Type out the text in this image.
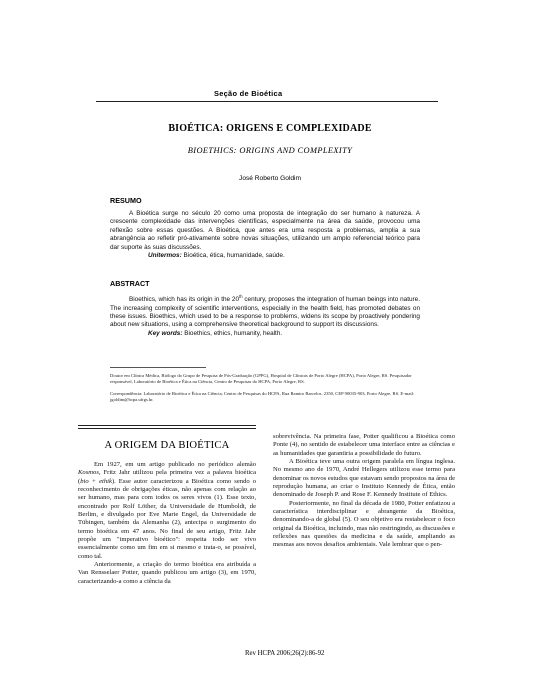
Seção de Bioética
BIOÉTICA: ORIGENS E COMPLEXIDADE
BIOETHICS: ORIGINS AND COMPLEXITY
José Roberto Goldim
RESUMO

A Bioética surge no século 20 como uma proposta de integração do ser humano à natureza. A crescente complexidade das intervenções científicas, especialmente na área da saúde, provocou uma reflexão sobre essas questões. A Bioética, que antes era uma resposta a problemas, amplia a sua abrangência ao refletir pró-ativamente sobre novas situações, utilizando um amplo referencial teórico para dar suporte às suas discussões.

Unitermos: Bioética, ética, humanidade, saúde.

ABSTRACT

Bioethics, which has its origin in the 20th century, proposes the integration of human beings into nature. The increasing complexity of scientific interventions, especially in the health field, has promoted debates on these issues. Bioethics, which used to be a response to problems, widens its scope by proactively pondering about new situations, using a comprehensive theoretical background to support its discussions.

Key words: Bioethics, ethics, humanity, health.

Doutor em Clínica Médica, Biólogo do Grupo de Pesquisa de Pós-Graduação (GPPG), Hospital de Clínicas de Porto Alegre (HCPA), Porto Alegre, RS. Pesquisador responsável, Laboratório de Bioética e Ética na Ciência, Centro de Pesquisas do HCPA, Porto Alegre, RS.
Correspondência: Laboratório de Bioética e Ética na Ciência, Centro de Pesquisas do HCPA, Rua Ramiro Barcelos, 2350, CEP 90035-903, Porto Alegre, RS. E-mail: jgoldim@hcpa.ufrgs.br.
A ORIGEM DA BIOÉTICA

Em 1927, em um artigo publicado no periódico alemão Kosmos, Fritz Jahr utilizou pela primeira vez a palavra bioética (bio + ethik). Esse autor caracterizou a Bioética como sendo o reconhecimento de obrigações éticas, não apenas com relação ao ser humano, mas para com todos os seres vivos (1). Esse texto, encontrado por Rolf Löther, da Universidade de Humboldt, de Berlim, e divulgado por Eve Marie Engel, da Universidade de Tübingen, também da Alemanha (2), antecipa o surgimento do termo bioética em 47 anos. No final de seu artigo, Fritz Jahr propõe um "imperativo bioético": respeita todo ser vivo essencialmente como um fim em si mesmo e trata-o, se possível, como tal.

Anteriormente, a criação do termo bioética era atribuída a Van Rensselaer Potter, quando publicou um artigo (3), em 1970, caracterizando-a como a ciência da

sobrevivência. Na primeira fase, Potter qualificou a Bioética como Ponte (4), no sentido de estabelecer uma interface entre as ciências e as humanidades que garantiria a possibilidade do futuro.

A Bioética teve uma outra origem paralela em língua inglesa. No mesmo ano de 1970, André Hellegers utilizou esse termo para denominar os novos estudos que estavam sendo propostos na área de reprodução humana, ao criar o Instituto Kennedy de Ética, então denominado de Joseph P. and Rose F. Kennedy Institute of Ethics.

Posteriormente, no final da década de 1980, Potter enfatizou a característica interdisciplinar e abrangente da Bioética, denominando-a de global (5). O seu objetivo era restabelecer o foco original da Bioética, incluindo, mas não restringindo, as discussões e reflexões nas questões da medicina e da saúde, ampliando as mesmas aos novos desafios ambientais. Vale lembrar que o pen-

Rev HCPA 2006;26(2):86-92
